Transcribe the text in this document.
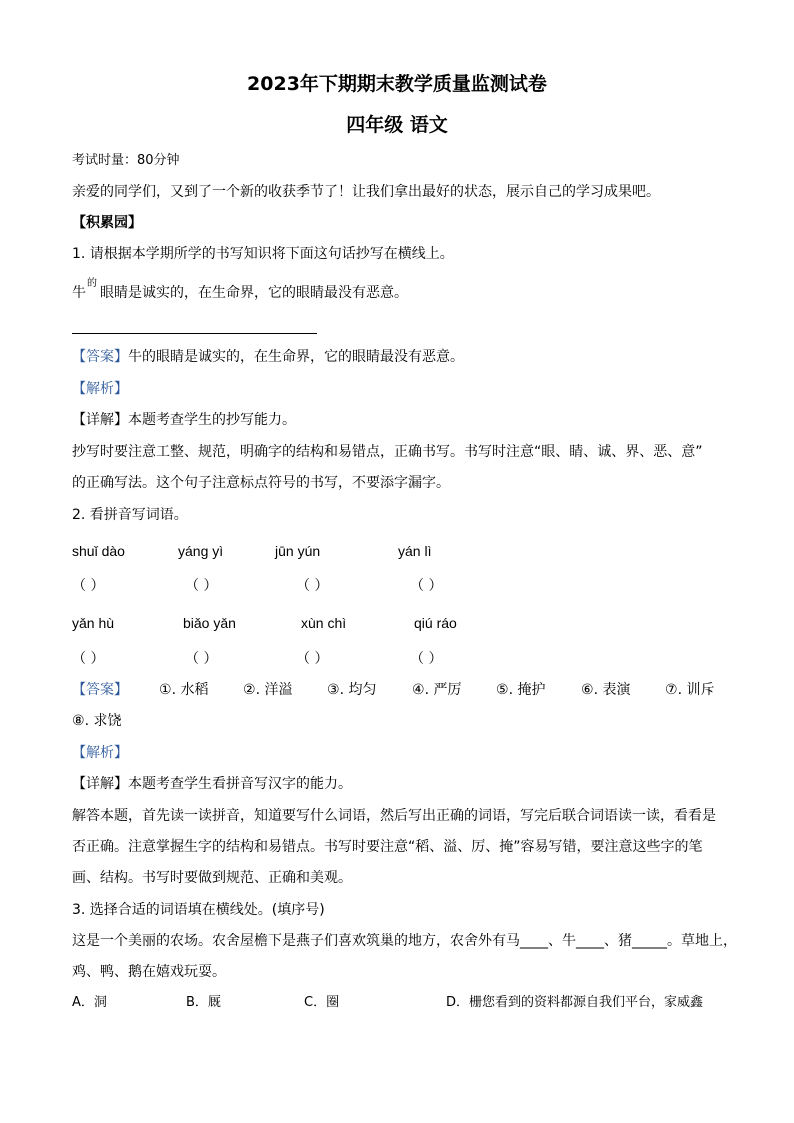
2023年下期期末教学质量监测试卷
四年级 语文
考试时量：80分钟
亲爱的同学们，又到了一个新的收获季节了！让我们拿出最好的状态，展示自己的学习成果吧。
【积累园】
1. 请根据本学期所学的书写知识将下面这句话抄写在横线上。
牛 眼睛是诚实的，在生命界，它的眼睛最没有恶意。
的
【答案】牛的眼睛是诚实的，在生命界，它的眼睛最没有恶意。
【解析】
【详解】本题考查学生的抄写能力。
抄写时要注意工整、规范，明确字的结构和易错点，正确书写。书写时注意“眼、睛、诚、界、恶、意”
的正确写法。这个句子注意标点符号的书写，不要添字漏字。
2. 看拼音写词语。
shuǐ dào	yáng yì	jūn yún	yán lì
（ ）	（ ）	（ ）	（ ）
yǎn hù	biǎo yǎn	xùn chì	qiú ráo
（ ）	（ ）	（ ）	（ ）
【答案】 ①. 水稻 ②. 洋溢 ③. 均匀	④. 严厉 ⑤. 掩护	⑥. 表演 ⑦. 训斥
⑧. 求饶
【解析】
【详解】本题考查学生看拼音写汉字的能力。
解答本题，首先读一读拼音，知道要写什么词语，然后写出正确的词语，写完后联合词语读一读，看看是
否正确。注意掌握生字的结构和易错点。书写时要注意“稻、溢、厉、掩”容易写错，要注意这些字的笔
画、结构。书写时要做到规范、正确和美观。
3. 选择合适的词语填在横线处。(填序号)
这是一个美丽的农场。农舍屋檐下是燕子们喜欢筑巢的地方，农舍外有马____、牛____、猪_____。草地上，
鸡、鸭、鹅在嬉戏玩耍。
A．洞	B．厩	C．圈	D．栅您看到的资料都源自我们平台，家威鑫
